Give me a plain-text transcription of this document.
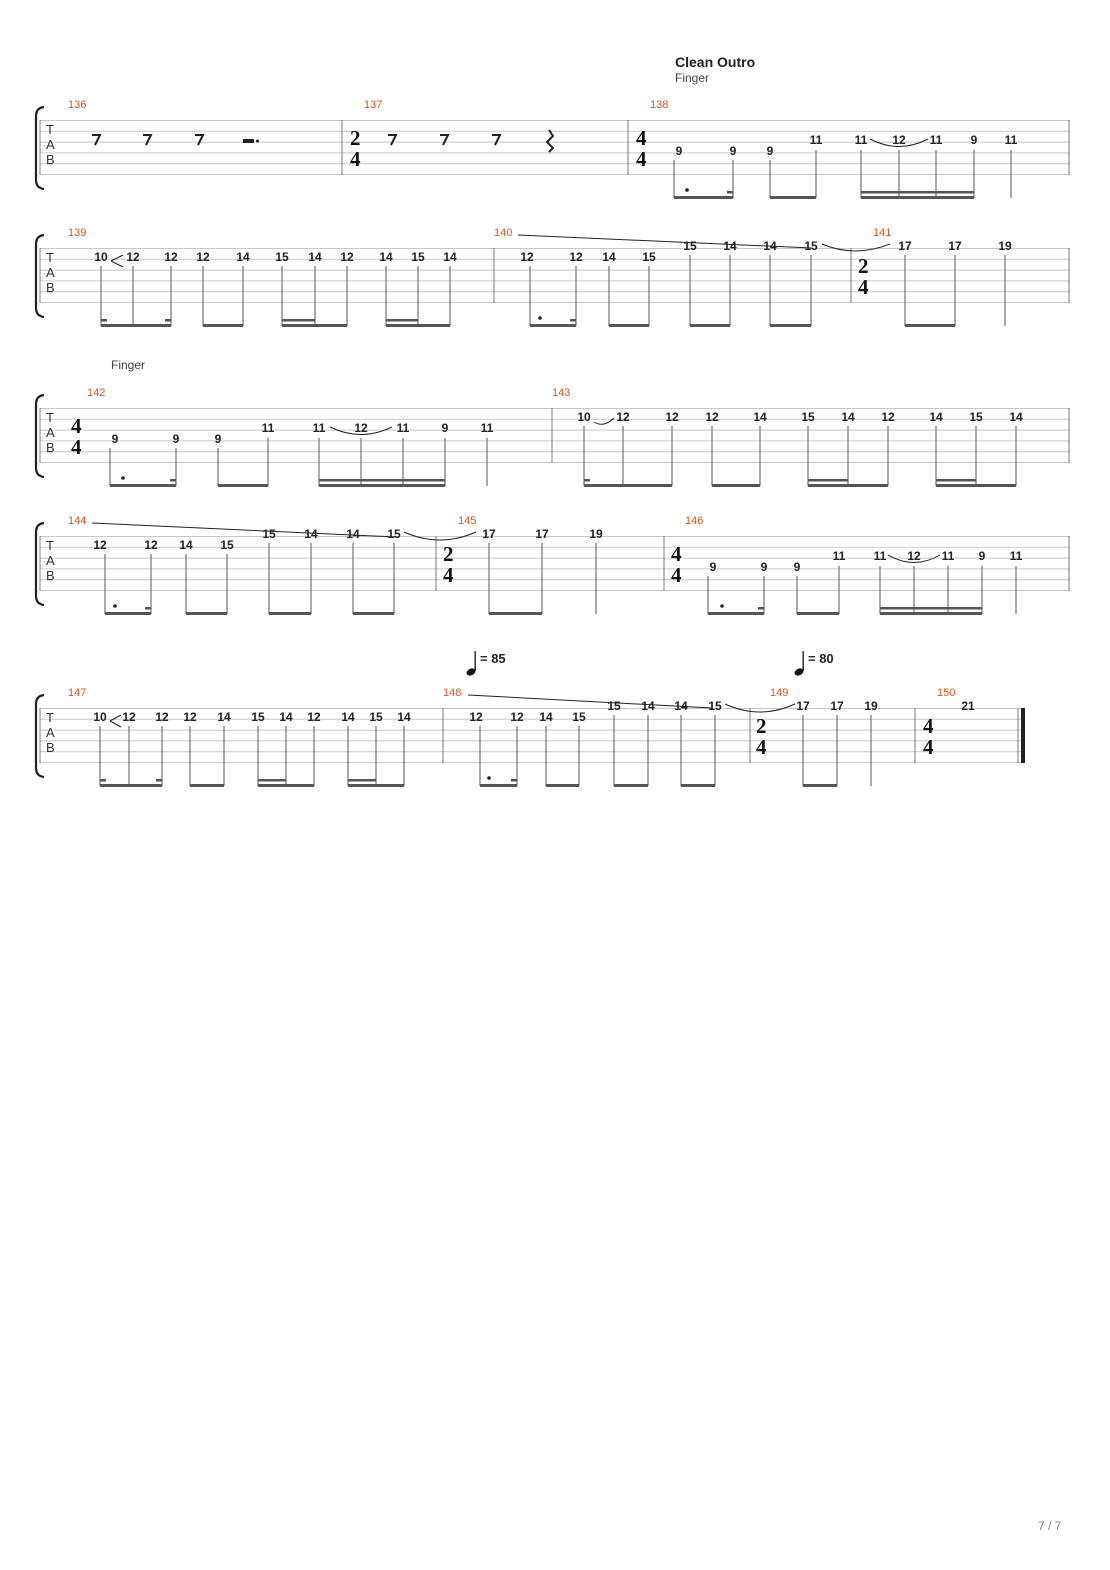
Clean Outro
Finger
Finger
= 85	= 80
T
A
B
136	137	138
2
4
4
4 9	9	9
11	11 12 11 9 11
T
A
B
139	140	141
2
4
10 12 12 12 14 15 14 12 14 15 14	12	12 14 15
15 14 14 15	17	17	19
T
A
B
142	143
4
4	9	9	9
11	11 12 11	9	11
10 12	12 12	14	15 14 12	14 15 14
T
A
B
144	145	146
2
4
4
4
12	12 14 15
15 14 14 15	17	17	19
9	9 9
11 11 12 11 9 11
T
A
B
147	148	149	150
2
4
4
4
10 12 12 12 14 15 14 12 14 15 14	12 12 14 15
15 14 14 15	17 17 19	21
7 / 7
